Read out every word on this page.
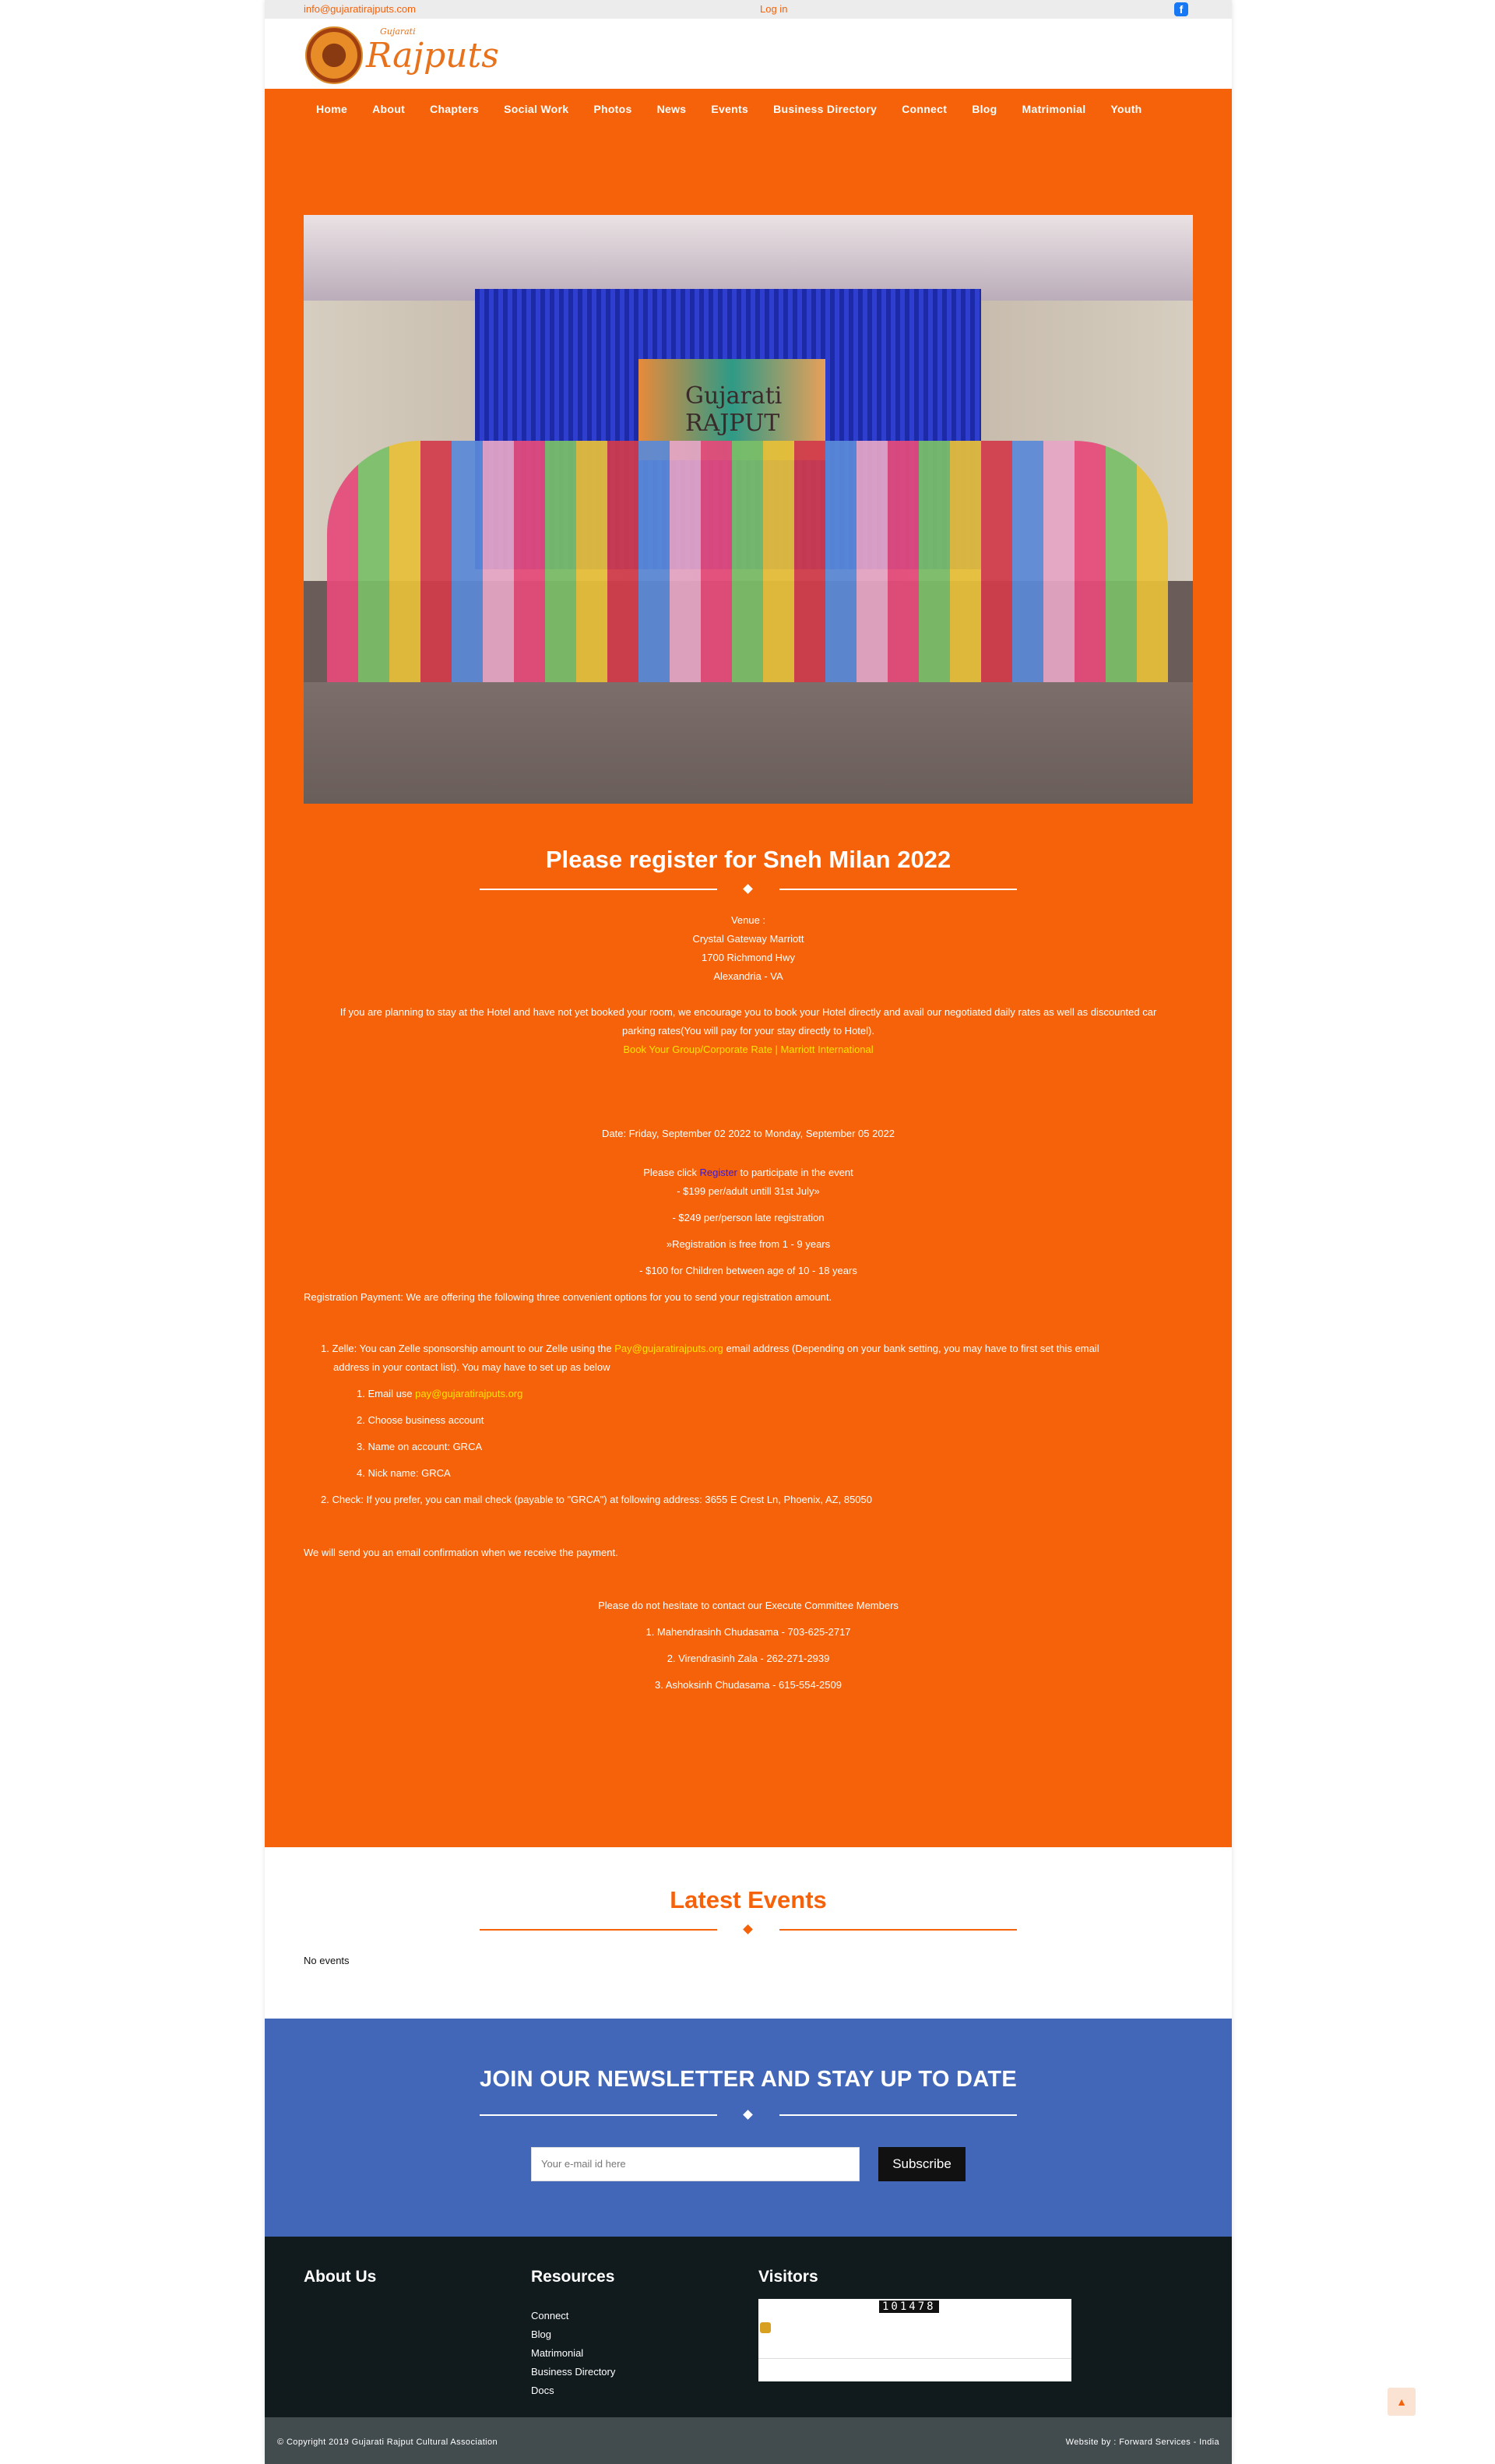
info@gujaratirajputs.com	Log in	f
Gujarati
Rajputs
Home	About	Chapters	Social Work	Photos	News	Events	Business Directory	Connect	Blog	Matrimonial	Youth
Gujarati RAJPUT
Please register for Sneh Milan 2022

Venue :

Crystal Gateway Marriott

1700 Richmond Hwy

Alexandria - VA

If you are planning to stay at the Hotel and have not yet booked your room, we encourage you to book your Hotel directly and avail our negotiated daily rates as well as discounted car

parking rates(You will pay for your stay directly to Hotel).

Book Your Group/Corporate Rate | Marriott International

Date: Friday, September 02 2022 to Monday, September 05 2022

Please click Register to participate in the event

- $199 per/adult untill 31st July»

- $249 per/person late registration

»Registration is free from 1 - 9 years

- $100 for Children between age of 10 - 18 years

Registration Payment: We are offering the following three convenient options for you to send your registration amount.

1. Zelle: You can Zelle sponsorship amount to our Zelle using the Pay@gujaratirajputs.org email address (Depending on your bank setting, you may have to first set this email

address in your contact list). You may have to set up as below

1. Email use pay@gujaratirajputs.org

2. Choose business account

3. Name on account: GRCA

4. Nick name: GRCA

2. Check: If you prefer, you can mail check (payable to "GRCA") at following address: 3655 E Crest Ln, Phoenix, AZ, 85050

We will send you an email confirmation when we receive the payment.

Please do not hesitate to contact our Execute Committee Members

1. Mahendrasinh Chudasama - 703-625-2717

2. Virendrasinh Zala - 262-271-2939

3. Ashoksinh Chudasama - 615-554-2509

Latest Events

No events

JOIN OUR NEWSLETTER AND STAY UP TO DATE
Your e-mail id here	Subscribe
About Us	Resources	Visitors
Connect
Blog
Matrimonial
Business Directory
Docs
101478
© Copyright 2019 Gujarati Rajput Cultural Association	Website by : Forward Services - India
▲
